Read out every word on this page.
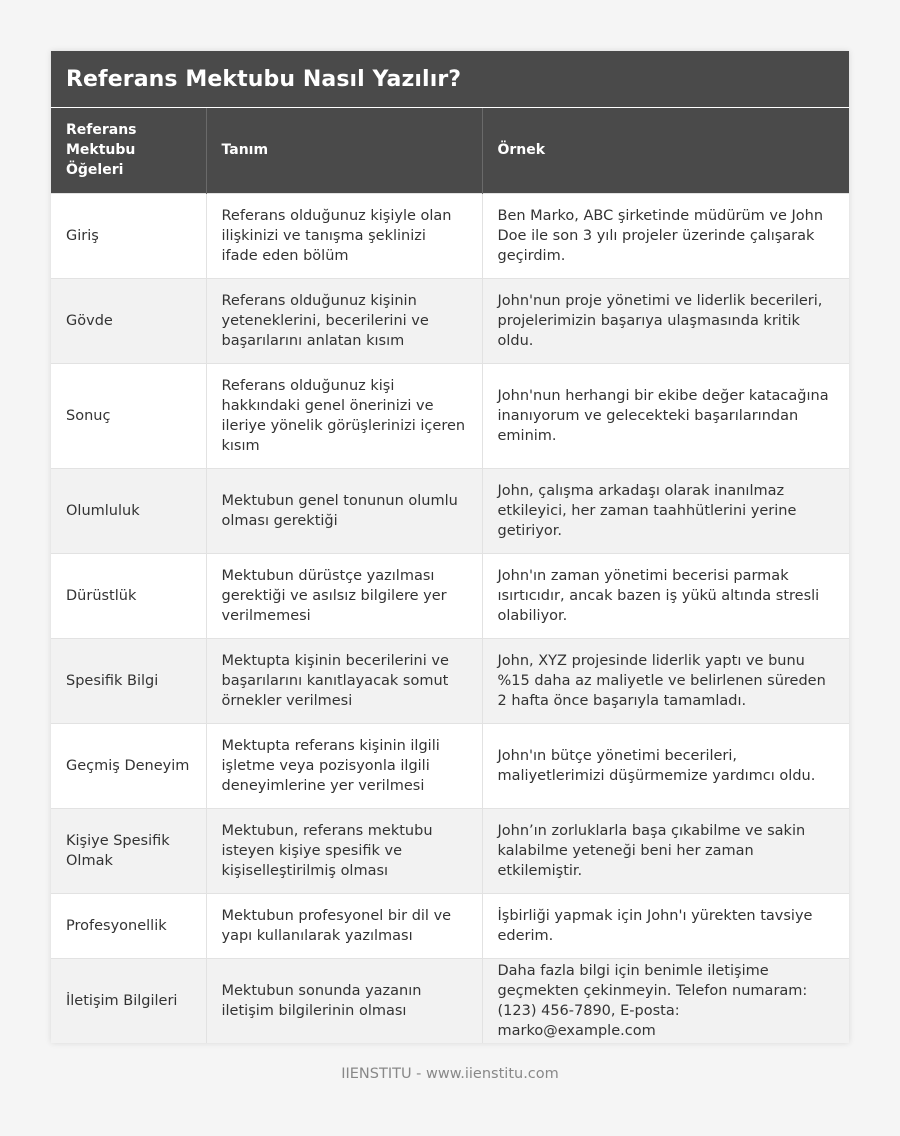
Referans Mektubu Nasıl Yazılır?
Referans Mektubu Öğeleri	Tanım	Örnek
Giriş	Referans olduğunuz kişiyle olan ilişkinizi ve tanışma şeklinizi ifade eden bölüm	Ben Marko, ABC şirketinde müdürüm ve John Doe ile son 3 yılı projeler üzerinde çalışarak geçirdim.
Gövde	Referans olduğunuz kişinin yeteneklerini, becerilerini ve başarılarını anlatan kısım	John'nun proje yönetimi ve liderlik becerileri, projelerimizin başarıya ulaşmasında kritik oldu.
Sonuç	Referans olduğunuz kişi hakkındaki genel önerinizi ve ileriye yönelik görüşlerinizi içeren kısım	John'nun herhangi bir ekibe değer katacağına inanıyorum ve gelecekteki başarılarından eminim.
Olumluluk	Mektubun genel tonunun olumlu olması gerektiği	John, çalışma arkadaşı olarak inanılmaz etkileyici, her zaman taahhütlerini yerine getiriyor.
Dürüstlük	Mektubun dürüstçe yazılması gerektiği ve asılsız bilgilere yer verilmemesi	John'ın zaman yönetimi becerisi parmak ısırtıcıdır, ancak bazen iş yükü altında stresli olabiliyor.
Spesifik Bilgi	Mektupta kişinin becerilerini ve başarılarını kanıtlayacak somut örnekler verilmesi	John, XYZ projesinde liderlik yaptı ve bunu %15 daha az maliyetle ve belirlenen süreden 2 hafta önce başarıyla tamamladı.
Geçmiş Deneyim	Mektupta referans kişinin ilgili işletme veya pozisyonla ilgili deneyimlerine yer verilmesi	John'ın bütçe yönetimi becerileri, maliyetlerimizi düşürmemize yardımcı oldu.
Kişiye Spesifik Olmak	Mektubun, referans mektubu isteyen kişiye spesifik ve kişiselleştirilmiş olması	John’ın zorluklarla başa çıkabilme ve sakin kalabilme yeteneği beni her zaman etkilemiştir.
Profesyonellik	Mektubun profesyonel bir dil ve yapı kullanılarak yazılması	İşbirliği yapmak için John'ı yürekten tavsiye ederim.
İletişim Bilgileri	Mektubun sonunda yazanın iletişim bilgilerinin olması	Daha fazla bilgi için benimle iletişime geçmekten çekinmeyin. Telefon numaram: (123) 456-7890, E-posta: marko@example.com
IIENSTITU - www.iienstitu.com
